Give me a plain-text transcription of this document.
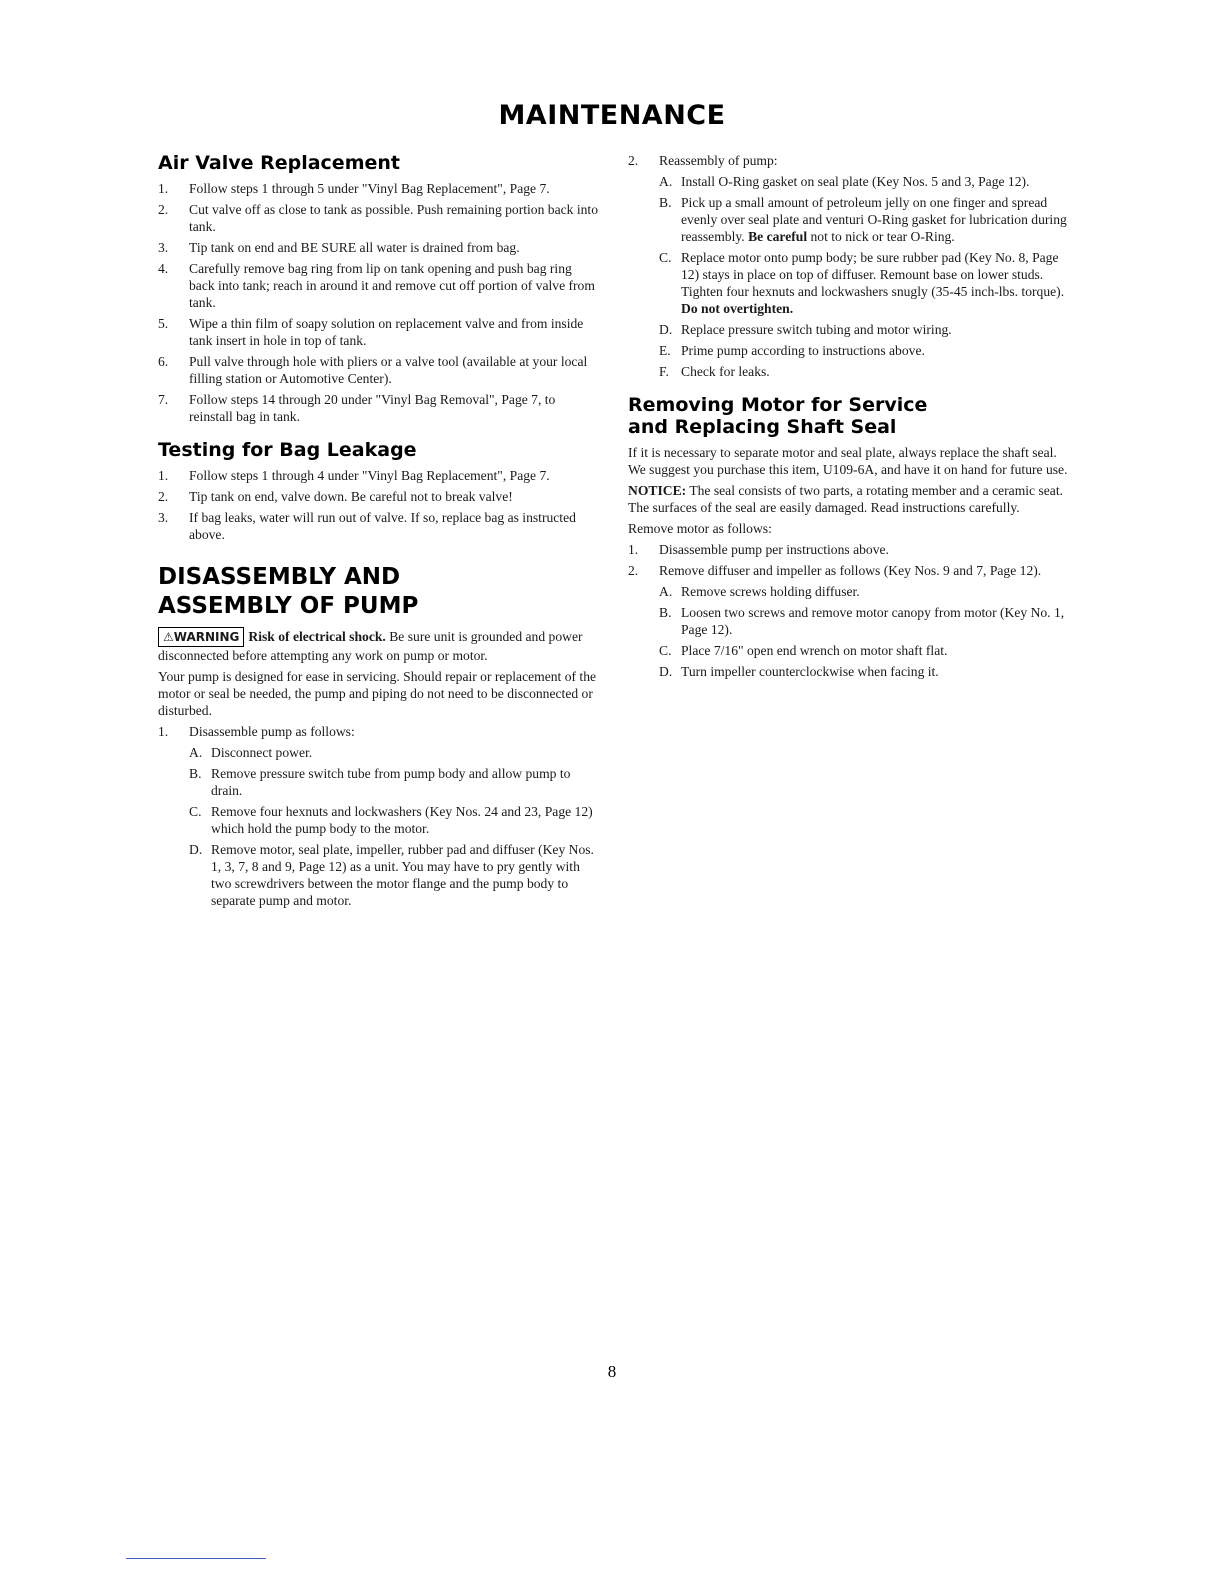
MAINTENANCE
Air Valve Replacement
1.	Follow steps 1 through 5 under "Vinyl Bag Replacement", Page 7.
2.	Cut valve off as close to tank as possible. Push remaining portion back into tank.
3.	Tip tank on end and BE SURE all water is drained from bag.
4.	Carefully remove bag ring from lip on tank opening and push bag ring back into tank; reach in around it and remove cut off portion of valve from tank.
5.	Wipe a thin film of soapy solution on replacement valve and from inside tank insert in hole in top of tank.
6.	Pull valve through hole with pliers or a valve tool (available at your local filling station or Automotive Center).
7.	Follow steps 14 through 20 under "Vinyl Bag Removal", Page 7, to reinstall bag in tank.
Testing for Bag Leakage
1.	Follow steps 1 through 4 under "Vinyl Bag Replacement", Page 7.
2.	Tip tank on end, valve down. Be careful not to break valve!
3.	If bag leaks, water will run out of valve. If so, replace bag as instructed above.
DISASSEMBLY AND
ASSEMBLY OF PUMP
⚠WARNING Risk of electrical shock. Be sure unit is grounded and power disconnected before attempting any work on pump or motor.
Your pump is designed for ease in servicing. Should repair or replacement of the motor or seal be needed, the pump and piping do not need to be disconnected or disturbed.
1.	Disassemble pump as follows:
A. Disconnect power.
B. Remove pressure switch tube from pump body and allow pump to drain.
C. Remove four hexnuts and lockwashers (Key Nos. 24 and 23, Page 12) which hold the pump body to the motor.
D. Remove motor, seal plate, impeller, rubber pad and diffuser (Key Nos. 1, 3, 7, 8 and 9, Page 12) as a unit. You may have to pry gently with two screwdrivers between the motor flange and the pump body to separate pump and motor.
2.	Reassembly of pump:
A. Install O-Ring gasket on seal plate (Key Nos. 5 and 3, Page 12).
B. Pick up a small amount of petroleum jelly on one finger and spread evenly over seal plate and venturi O-Ring gasket for lubrication during reassembly. Be careful not to nick or tear O-Ring.
C. Replace motor onto pump body; be sure rubber pad (Key No. 8, Page 12) stays in place on top of diffuser. Remount base on lower studs. Tighten four hexnuts and lockwashers snugly (35-45 inch-lbs. torque). Do not overtighten.
D. Replace pressure switch tubing and motor wiring.
E. Prime pump according to instructions above.
F. Check for leaks.
Removing Motor for Service
and Replacing Shaft Seal
If it is necessary to separate motor and seal plate, always replace the shaft seal. We suggest you purchase this item, U109-6A, and have it on hand for future use.
NOTICE: The seal consists of two parts, a rotating member and a ceramic seat. The surfaces of the seal are easily damaged. Read instructions carefully.
Remove motor as follows:
1.	Disassemble pump per instructions above.
2.	Remove diffuser and impeller as follows (Key Nos. 9 and 7, Page 12).
A. Remove screws holding diffuser.
B. Loosen two screws and remove motor canopy from motor (Key No. 1, Page 12).
C. Place 7/16" open end wrench on motor shaft flat.
D. Turn impeller counterclockwise when facing it.
8
